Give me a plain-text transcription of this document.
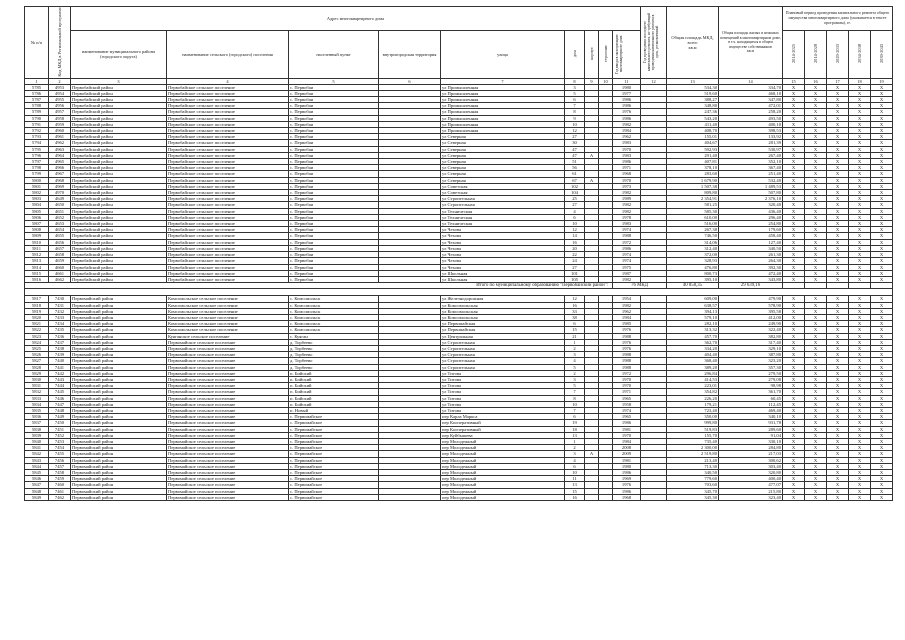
№ п/п	Код МКД в Региональной программе	Адрес многоквартирного дома									Год проведения последнего капитального ремонта, не требующий проведения капитального ремонта в срок, установленный	Общая площадь МКД, всего
кв.м	Общая площадь жилых и нежилых помещений в многоквартирном доме, в т.ч. находящихся в общем имуществе собственников
кв.м	Плановый период проведения капитального ремонта общего имущества многоквартирного дома (указывается в тексте программы), гг.				
		наименование муниципального района (городского округа)	наименование сельского (городского) поселения	населенный пункт	внутригородская территория	улица	дом	корпус	строение	Год ввода в эксплуатацию многоквартирного дома				2014-2025	2014-2028	2029-2033	2034-2038	2039-2043
1	2	3	4	5	6	7	8	9	10	11	12	13	14	15	16	17	18	19
5785	4953	Первобайский район	Первобайское сельское поселение	с. Первобаи		ул Промышленная	3			1980		534,30	334,70	Х	Х	Х	Х	Х
5786	4954	Первобайский район	Первобайское сельское поселение	с. Первобаи		ул Промышленная	5			1977		519,60	468,10	Х	Х	Х	Х	Х
5787	4955	Первобайский район	Первобайское сельское поселение	с. Первобаи		ул Промышленная	6			1986		388,27	347,80	Х	Х	Х	Х	Х
5788	4956	Первобайский район	Первобайское сельское поселение	с. Первобаи		ул Промышленная	7			1986		348,80	472,01	Х	Х	Х	Х	Х
5789	4957	Первобайский район	Первобайское сельское поселение	с. Первобаи		ул Промышленная	8			1976		247,36	258,20	Х	Х	Х	Х	Х
5790	4958	Первобайский район	Первобайское сельское поселение	с. Первобаи		ул Промышленная	9			1986		543,20	493,50	Х	Х	Х	Х	Х
5791	4959	Первобайский район	Первобайское сельское поселение	с. Первобаи		ул Промышленная	10			1982		411,40	400,10	Х	Х	Х	Х	Х
5792	4960	Первобайский район	Первобайское сельское поселение	с. Первобаи		ул Промышленная	12			1984		408,70	398,53	Х	Х	Х	Х	Х
5793	4961	Первобайский район	Первобайское сельское поселение	с. Первобаи		ул Северная	27			1962		155,01	133,92	Х	Х	Х	Х	Х
5794	4962	Первобайский район	Первобайское сельское поселение	с. Первобаи		ул Северная	30			1983		404,67	281,39	Х	Х	Х	Х	Х
5795	4963	Первобайский район	Первобайское сельское поселение	с. Первобаи		ул Северная	47			1970		592,93	530,97	Х	Х	Х	Х	Х
5796	4964	Первобайский район	Первобайское сельское поселение	с. Первобаи		ул Северная	47	А		1983		291,40	267,40	Х	Х	Х	Х	Х
5797	4965	Первобайский район	Первобайское сельское поселение	с. Первобаи		ул Северная	51			1986		407,81	352,10	Х	Х	Х	Х	Х
5798	4966	Первобайский район	Первобайское сельское поселение	с. Первобаи		ул Северная	56			1971		378,10	367,40	Х	Х	Х	Х	Х
5799	4967	Первобайский район	Первобайское сельское поселение	с. Первобаи		ул Северная	61			1968		283,60	251,40	Х	Х	Х	Х	Х
5800	4968	Первобайский район	Первобайское сельское поселение	с. Первобаи		ул Северная	67	А		1970		1 679,90	532,40	Х	Х	Х	Х	Х
5801	4969	Первобайский район	Первобайское сельское поселение	с. Первобаи		ул Советская	102			1973		1 507,38	1 489,53	Х	Х	Х	Х	Х
5802	4970	Первобайский район	Первобайское сельское поселение	с. Первобаи		ул Советская	104			1982		809,80	507,80	Х	Х	Х	Х	Х
5803	4649	Первобайский район	Первобайское сельское поселение	с. Первобаи		ул Строительная	25			1989		2 354,91	2 376,10	Х	Х	Х	Х	Х
5804	4650	Первобайский район	Первобайское сельское поселение	с. Первобаи		ул Строительная	27			1982		581,25	320,40	Х	Х	Х	Х	Х
5805	4651	Первобайский район	Первобайское сельское поселение	с. Первобаи		ул Техническая	4			1982		585,30	436,40	Х	Х	Х	Х	Х
5806	4652	Первобайский район	Первобайское сельское поселение	с. Первобаи		ул Техническая	6			1978		610,00	296,40	Х	Х	Х	Х	Х
5807	4653	Первобайский район	Первобайское сельское поселение	с. Первобаи		ул Техническая	10			1983		516,00	254,80	Х	Х	Х	Х	Х
5808	4654	Первобайский район	Первобайское сельское поселение	с. Первобаи		ул Чехова	12			1974		267,38	179,60	Х	Х	Х	Х	Х
5809	4655	Первобайский район	Первобайское сельское поселение	с. Первобаи		ул Чехова	14			1988		746,50	458,40	Х	Х	Х	Х	Х
5810	4656	Первобайский район	Первобайское сельское поселение	с. Первобаи		ул Чехова	16			1972		314,06	127,40	Х	Х	Х	Х	Х
5811	4657	Первобайский район	Первобайское сельское поселение	с. Первобаи		ул Чехова	20			1986		312,40	340,50	Х	Х	Х	Х	Х
5812	4658	Первобайский район	Первобайское сельское поселение	с. Первобаи		ул Чехова	22			1974		372,00	261,30	Х	Х	Х	Х	Х
5813	4659	Первобайский район	Первобайское сельское поселение	с. Первобаи		ул Чехова	24			1974		328,93	264,30	Х	Х	Х	Х	Х
5814	4660	Первобайский район	Первобайское сельское поселение	с. Первобаи		ул Чехова	27			1975		476,80	392,30	Х	Х	Х	Х	Х
5815	4661	Первобайский район	Первобайское сельское поселение	с. Первобаи		ул Школьная	101			1987		800,73	472,40	Х	Х	Х	Х	Х
5816	4662	Первобайский район	Первобайское сельское поселение	с. Первобаи		ул Школьная	105			1982		395,10	343,80	Х	Х	Х	Х	Х
Итого по муниципальному образованию "Первобайский район":										76 МКД		40 858,35	29 639,16					

5817	7430	Первомайский район	Комсомольское сельское поселение	с. Комсомольск		ул Железнодорожная	12			1954		609,00	479,90	Х	Х	Х	Х	Х
5818	7431	Первомайский район	Комсомольское сельское поселение	с. Комсомольск		ул Комсомольская	16			1982		638,57	578,90	Х	Х	Х	Х	Х
5819	7432	Первомайский район	Комсомольское сельское поселение	с. Комсомольск		ул Комсомольская	33			1962		394,13	395,58	Х	Х	Х	Х	Х
5820	7433	Первомайский район	Комсомольское сельское поселение	с. Комсомольск		ул Комсомольская	38			1984		579,10	412,00	Х	Х	Х	Х	Х
5821	7434	Первомайский район	Комсомольское сельское поселение	с. Комсомольск		ул Первомайская	6			1985		282,10	249,90	Х	Х	Х	Х	Х
5822	7435	Первомайский район	Комсомольское сельское поселение	с. Комсомольск		ул Первомайская	15			1976		313,32	322,40	Х	Х	Х	Х	Х
5823	7436	Первомайский район	Куяганское сельское поселение	с. Куяган		ул Центральная	21			1988		457,70	382,80	Х	Х	Х	Х	Х
5824	7437	Первомайский район	Первомайское сельское поселение	д. Торбеево		ул Строительная	1			1976		362,70	317,40	Х	Х	Х	Х	Х
5825	7438	Первомайский район	Первомайское сельское поселение	д. Торбеево		ул Строительная	2			1976		334,20	329,10	Х	Х	Х	Х	Х
5826	7439	Первомайский район	Первомайское сельское поселение	д. Торбеево		ул Строительная	3			1988		404,40	387,80	Х	Х	Х	Х	Х
5827	7440	Первомайский район	Первомайское сельское поселение	д. Торбеево		ул Строительная	4			1988		368,40	323,20	Х	Х	Х	Х	Х
5828	7441	Первомайский район	Первомайское сельское поселение	д. Торбеево		ул Строительная	5			1988		389,20	357,30	Х	Х	Х	Х	Х
5829	7442	Первомайский район	Первомайское сельское поселение	п. Бийский		ул Титова	2			1972		296,84	279,50	Х	Х	Х	Х	Х
5830	7443	Первомайский район	Первомайское сельское поселение	п. Бийский		ул Титова	3			1970		414,53	279,08	Х	Х	Х	Х	Х
5831	7444	Первомайский район	Первомайское сельское поселение	п. Бийский		ул Титова	5			1970		223,01	98,98	Х	Х	Х	Х	Х
5832	7445	Первомайский район	Первомайское сельское поселение	п. Бийский		ул Титова	7			1971		354,82	361,70	Х	Х	Х	Х	Х
5833	7446	Первомайский район	Первомайское сельское поселение	п. Бийский		ул Титова	8			1965		226,20	60,45	Х	Х	Х	Х	Х
5834	7447	Первомайский район	Первомайское сельское поселение	п. Бийский		ул Титова	10			1958		179,21	112,45	Х	Х	Х	Х	Х
5835	7448	Первомайский район	Первомайское сельское поселение	п. Новый		ул Титова	7			1974		723,40	469,40	Х	Х	Х	Х	Х
5836	7449	Первомайский район	Первомайское сельское поселение	с. Первомайское		пер Карла Маркса	6			1965		350,00	340,10	Х	Х	Х	Х	Х
5837	7450	Первомайский район	Первомайское сельское поселение	с. Первомайское		пер Кооперативный	19			1986		999,80	931,78	Х	Х	Х	Х	Х
5838	7451	Первомайский район	Первомайское сельское поселение	с. Первомайское		пер Кооперативный	18			1981		519,83	289,60	Х	Х	Х	Х	Х
5839	7452	Первомайский район	Первомайское сельское поселение	с. Первомайское		пер Куйбышева	13			1970		155,70	91,04	Х	Х	Х	Х	Х
5840	7453	Первомайский район	Первомайское сельское поселение	с. Первомайское		пер Молодежный	1			1984		735,40	330,10	Х	Х	Х	Х	Х
5841	7454	Первомайский район	Первомайское сельское поселение	с. Первомайское		пер Молодежный	2			2008		2 300,00	284,80	Х	Х	Х	Х	Х
5842	7455	Первомайский район	Первомайское сельское поселение	с. Первомайское		пер Молодежный	3	А		2009		2 519,80	217,03	Х	Х	Х	Х	Х
5843	7456	Первомайский район	Первомайское сельское поселение	с. Первомайское		пер Молодежный	4			1981		213,40	300,62	Х	Х	Х	Х	Х
5844	7457	Первомайский район	Первомайское сельское поселение	с. Первомайское		пер Молодежный	6			1980		713,30	303,40	Х	Х	Х	Х	Х
5845	7458	Первомайский район	Первомайское сельское поселение	с. Первомайское		пер Молодежный	10			1986		340,50	320,80	Х	Х	Х	Х	Х
5846	7459	Первомайский район	Первомайское сельское поселение	с. Первомайское		пер Молодежный	11			1969		779,60	400,40	Х	Х	Х	Х	Х
5847	7460	Первомайский район	Первомайское сельское поселение	с. Первомайское		пер Молодежный	13			1976		703,60	477,07	Х	Х	Х	Х	Х
5848	7461	Первомайский район	Первомайское сельское поселение	с. Первомайское		пер Молодежный	15			1986		345,70	215,80	Х	Х	Х	Х	Х
5849	7462	Первомайский район	Первомайское сельское поселение	с. Первомайское		пер Молодежный	16			1968		345,30	323,40	Х	Х	Х	Х	Х
